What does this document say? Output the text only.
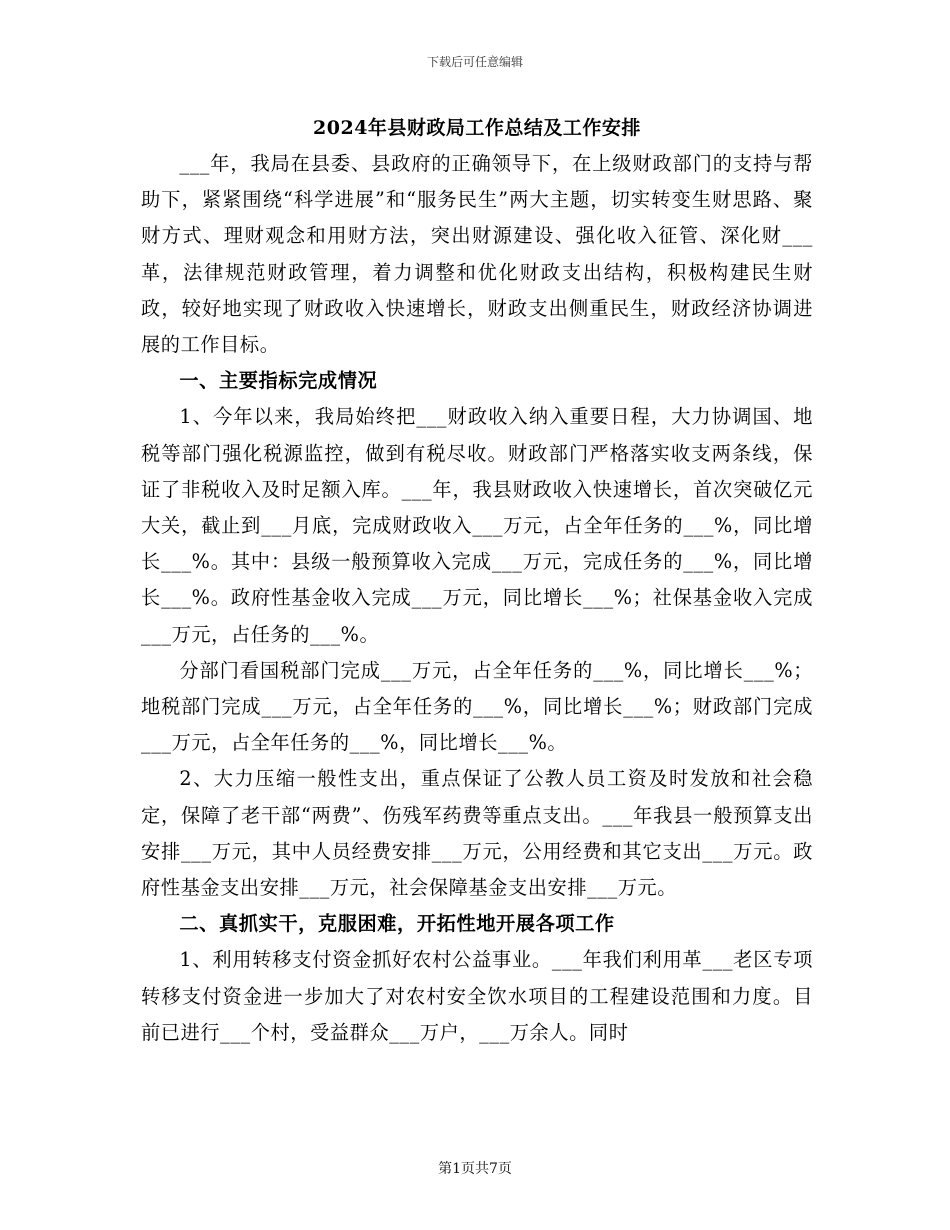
下载后可任意编辑
2024年县财政局工作总结及工作安排

___年，我局在县委、县政府的正确领导下，在上级财政部门的支持与帮助下，紧紧围绕“科学进展”和“服务民生”两大主题，切实转变生财思路、聚财方式、理财观念和用财方法，突出财源建设、强化收入征管、深化财___革，法律规范财政管理，着力调整和优化财政支出结构，积极构建民生财政，较好地实现了财政收入快速增长，财政支出侧重民生，财政经济协调进展的工作目标。

一、主要指标完成情况

1、今年以来，我局始终把___财政收入纳入重要日程，大力协调国、地税等部门强化税源监控，做到有税尽收。财政部门严格落实收支两条线，保证了非税收入及时足额入库。___年，我县财政收入快速增长，首次突破亿元大关，截止到___月底，完成财政收入___万元，占全年任务的___%，同比增长___%。其中：县级一般预算收入完成___万元，完成任务的___%，同比增长___%。政府性基金收入完成___万元，同比增长___%；社保基金收入完成___万元，占任务的___%。

分部门看国税部门完成___万元，占全年任务的___%，同比增长___%；地税部门完成___万元，占全年任务的___%，同比增长___%；财政部门完成___万元，占全年任务的___%，同比增长___%。

2、大力压缩一般性支出，重点保证了公教人员工资及时发放和社会稳定，保障了老干部“两费”、伤残军药费等重点支出。___年我县一般预算支出安排___万元，其中人员经费安排___万元，公用经费和其它支出___万元。政府性基金支出安排___万元，社会保障基金支出安排___万元。

二、真抓实干，克服困难，开拓性地开展各项工作

1、利用转移支付资金抓好农村公益事业。___年我们利用革___老区专项转移支付资金进一步加大了对农村安全饮水项目的工程建设范围和力度。目前已进行___个村，受益群众___万户，___万余人。同时

第1页共7页
